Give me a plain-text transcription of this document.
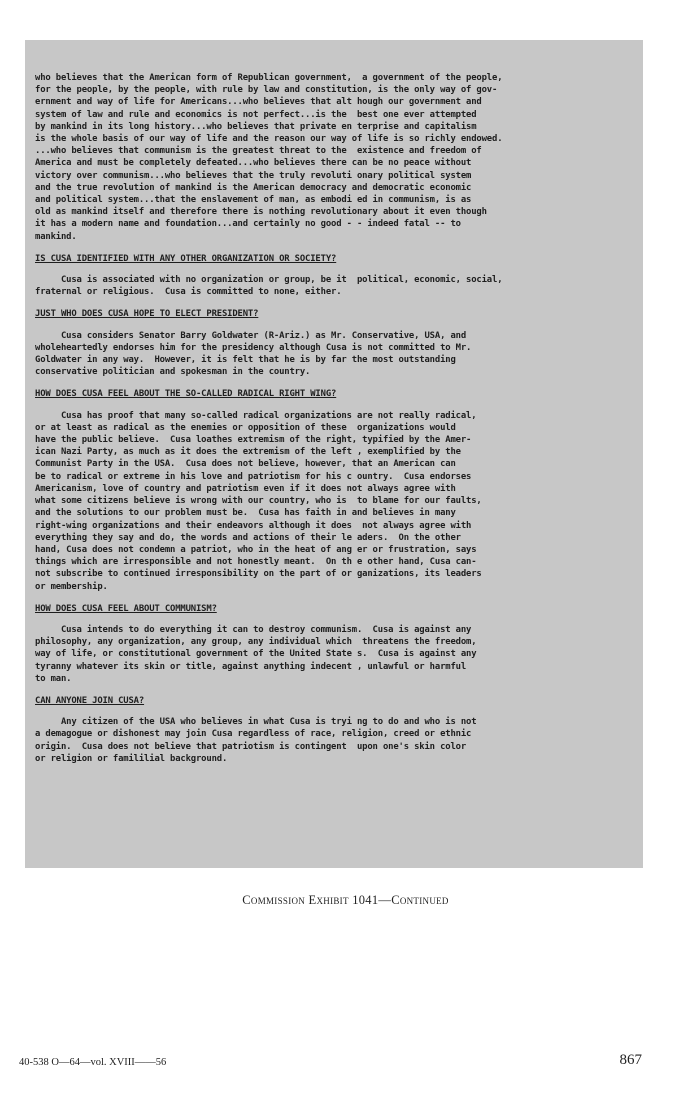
who believes that the American form of Republican government,  a government of the people,

for the people, by the people, with rule by law and constitution, is the only way of gov-

ernment and way of life for Americans...who believes that alt hough our government and

system of law and rule and economics is not perfect...is the  best one ever attempted

by mankind in its long history...who believes that private en terprise and capitalism

is the whole basis of our way of life and the reason our way of life is so richly endowed.

...who believes that communism is the greatest threat to the  existence and freedom of

America and must be completely defeated...who believes there can be no peace without

victory over communism...who believes that the truly revoluti onary political system

and the true revolution of mankind is the American democracy and democratic economic

and political system...that the enslavement of man, as embodi ed in communism, is as

old as mankind itself and therefore there is nothing revolutionary about it even though

it has a modern name and foundation...and certainly no good - - indeed fatal -- to

mankind.

IS CUSA IDENTIFIED WITH ANY OTHER ORGANIZATION OR SOCIETY?

Cusa is associated with no organization or group, be it  political, economic, social,

fraternal or religious.  Cusa is committed to none, either.

JUST WHO DOES CUSA HOPE TO ELECT PRESIDENT?

Cusa considers Senator Barry Goldwater (R-Ariz.) as Mr. Conservative, USA, and

wholeheartedly endorses him for the presidency although Cusa is not committed to Mr.

Goldwater in any way.  However, it is felt that he is by far the most outstanding

conservative politician and spokesman in the country.

HOW DOES CUSA FEEL ABOUT THE SO-CALLED RADICAL RIGHT WING?

Cusa has proof that many so-called radical organizations are not really radical,

or at least as radical as the enemies or opposition of these  organizations would

have the public believe.  Cusa loathes extremism of the right, typified by the Amer-

ican Nazi Party, as much as it does the extremism of the left , exemplified by the

Communist Party in the USA.  Cusa does not believe, however, that an American can

be to radical or extreme in his love and patriotism for his c ountry.  Cusa endorses

Americanism, love of country and patriotism even if it does not always agree with

what some citizens believe is wrong with our country, who is  to blame for our faults,

and the solutions to our problem must be.  Cusa has faith in and believes in many

right-wing organizations and their endeavors although it does  not always agree with

everything they say and do, the words and actions of their le aders.  On the other

hand, Cusa does not condemn a patriot, who in the heat of ang er or frustration, says

things which are irresponsible and not honestly meant.  On th e other hand, Cusa can-

not subscribe to continued irresponsibility on the part of or ganizations, its leaders

or membership.

HOW DOES CUSA FEEL ABOUT COMMUNISM?

Cusa intends to do everything it can to destroy communism.  Cusa is against any

philosophy, any organization, any group, any individual which  threatens the freedom,

way of life, or constitutional government of the United State s.  Cusa is against any

tyranny whatever its skin or title, against anything indecent , unlawful or harmful

to man.

CAN ANYONE JOIN CUSA?

Any citizen of the USA who believes in what Cusa is tryi ng to do and who is not

a demagogue or dishonest may join Cusa regardless of race, religion, creed or ethnic

origin.  Cusa does not believe that patriotism is contingent  upon one's skin color

or religion or famililial background.

Commission Exhibit 1041—Continued
40-538 O—64—vol. XVIII——56	867
